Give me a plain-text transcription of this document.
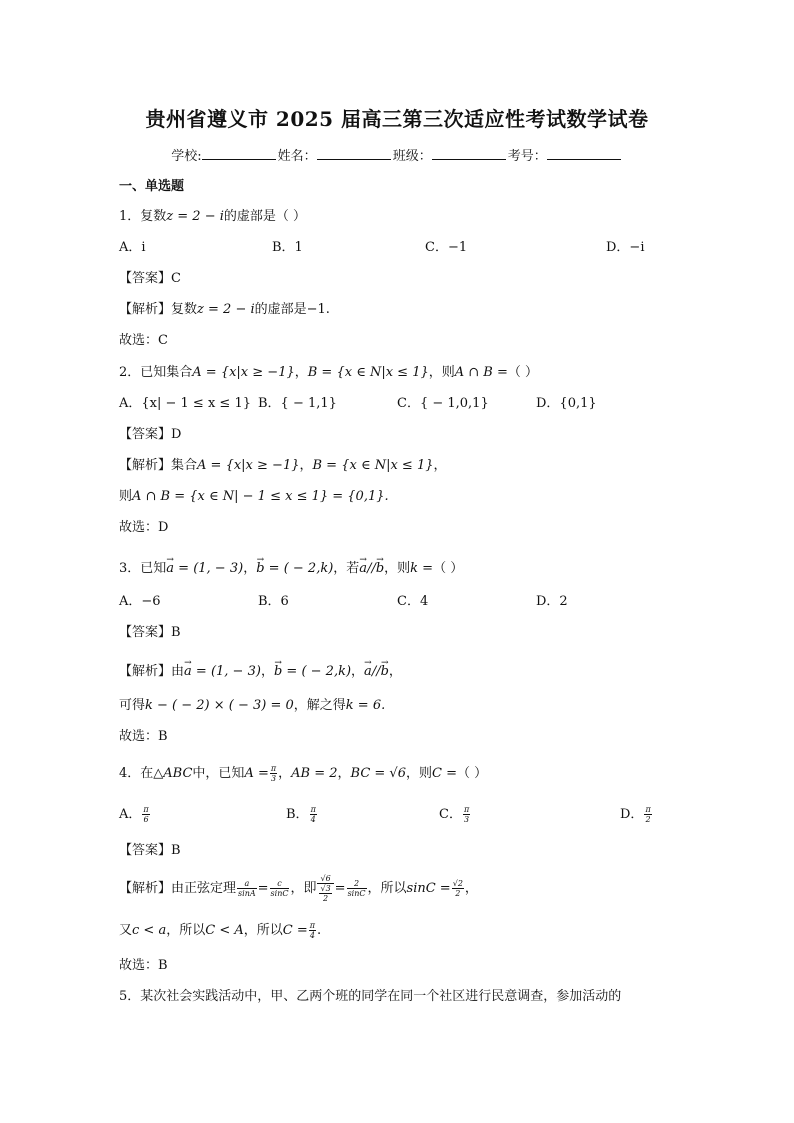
贵州省遵义市 2025 届高三第三次适应性考试数学试卷
学校:	姓名：	班级：	考号：
一、单选题
1．复数z = 2 − i的虚部是（ ）
A．i	B．1	C．−1	D．−i
【答案】C
【解析】复数z = 2 − i的虚部是−1.
故选：C
2．已知集合A = {x|x ≥ −1}，B = {x ∈ N|x ≤ 1}，则A ∩ B =（ ）
A．{x| − 1 ≤ x ≤ 1} B．{ − 1,1}	C．{ − 1,0,1}	D．{0,1}
【答案】D
【解析】集合A = {x|x ≥ −1}，B = {x ∈ N|x ≤ 1}，
则A ∩ B = {x ∈ N| − 1 ≤ x ≤ 1} = {0,1}.
故选：D
3．已知→ a = (1, − 3)，→ b = ( − 2,k)，若→ a//→ b，则k =（ ）
A．−6	B．6	C．4	D．2
【答案】B
【解析】由→ a = (1, − 3)，→ b = ( − 2,k)，→ a//→ b，
可得k − ( − 2) × ( − 3) = 0，解之得k = 6.
故选：B
4．在△ABC中，已知$A = \frac{\pi}{3}$ ，AB = 2，BC = √6，则C =（ ）
A． $\frac{\pi}{6}$	B． $\frac{\pi}{4}$	C． $\frac{\pi}{3}$	D． $\frac{\pi}{2}$
【答案】B
【解析】由正弦定理 $\frac{a}{\sin A} = \frac{c}{\sin C}$ ，即 $\frac{√6}{\frac{√3}{2}} = \frac{2}{\sin C}$ ，所以$\sin C = \frac{√2}{2}$ ，
又c < a，所以C < A，所以$C = \frac{\pi}{4}$ .
故选：B
5．某次社会实践活动中，甲、乙两个班的同学在同一个社区进行民意调查，参加活动的
